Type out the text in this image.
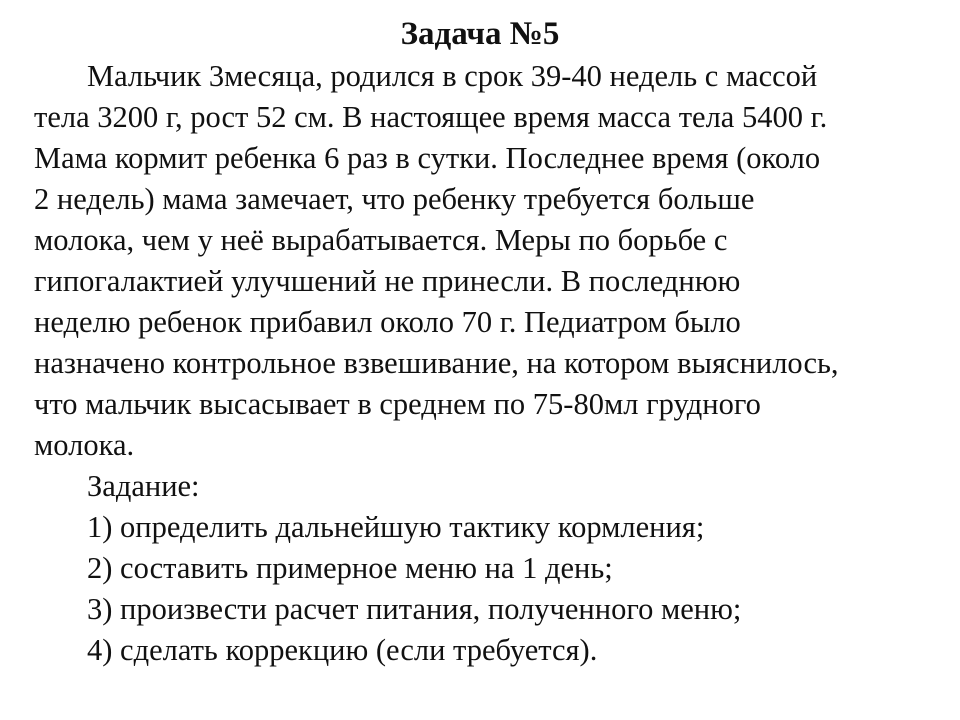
Задача №5
Мальчик 3месяца, родился в срок 39-40 недель с массой
тела 3200 г, рост 52 см. В настоящее время масса тела 5400 г.
Мама кормит ребенка 6 раз в сутки. Последнее время (около
2 недель) мама замечает, что ребенку требуется больше
молока, чем у неё вырабатывается. Меры по борьбе с
гипогалактией улучшений не принесли. В последнюю
неделю ребенок прибавил около 70 г. Педиатром было
назначено контрольное взвешивание, на котором выяснилось,
что мальчик высасывает в среднем по 75-80мл грудного
молока.
Задание:
1) определить дальнейшую тактику кормления;
2) составить примерное меню на 1 день;
3) произвести расчет питания, полученного меню;
4) сделать коррекцию (если требуется).
